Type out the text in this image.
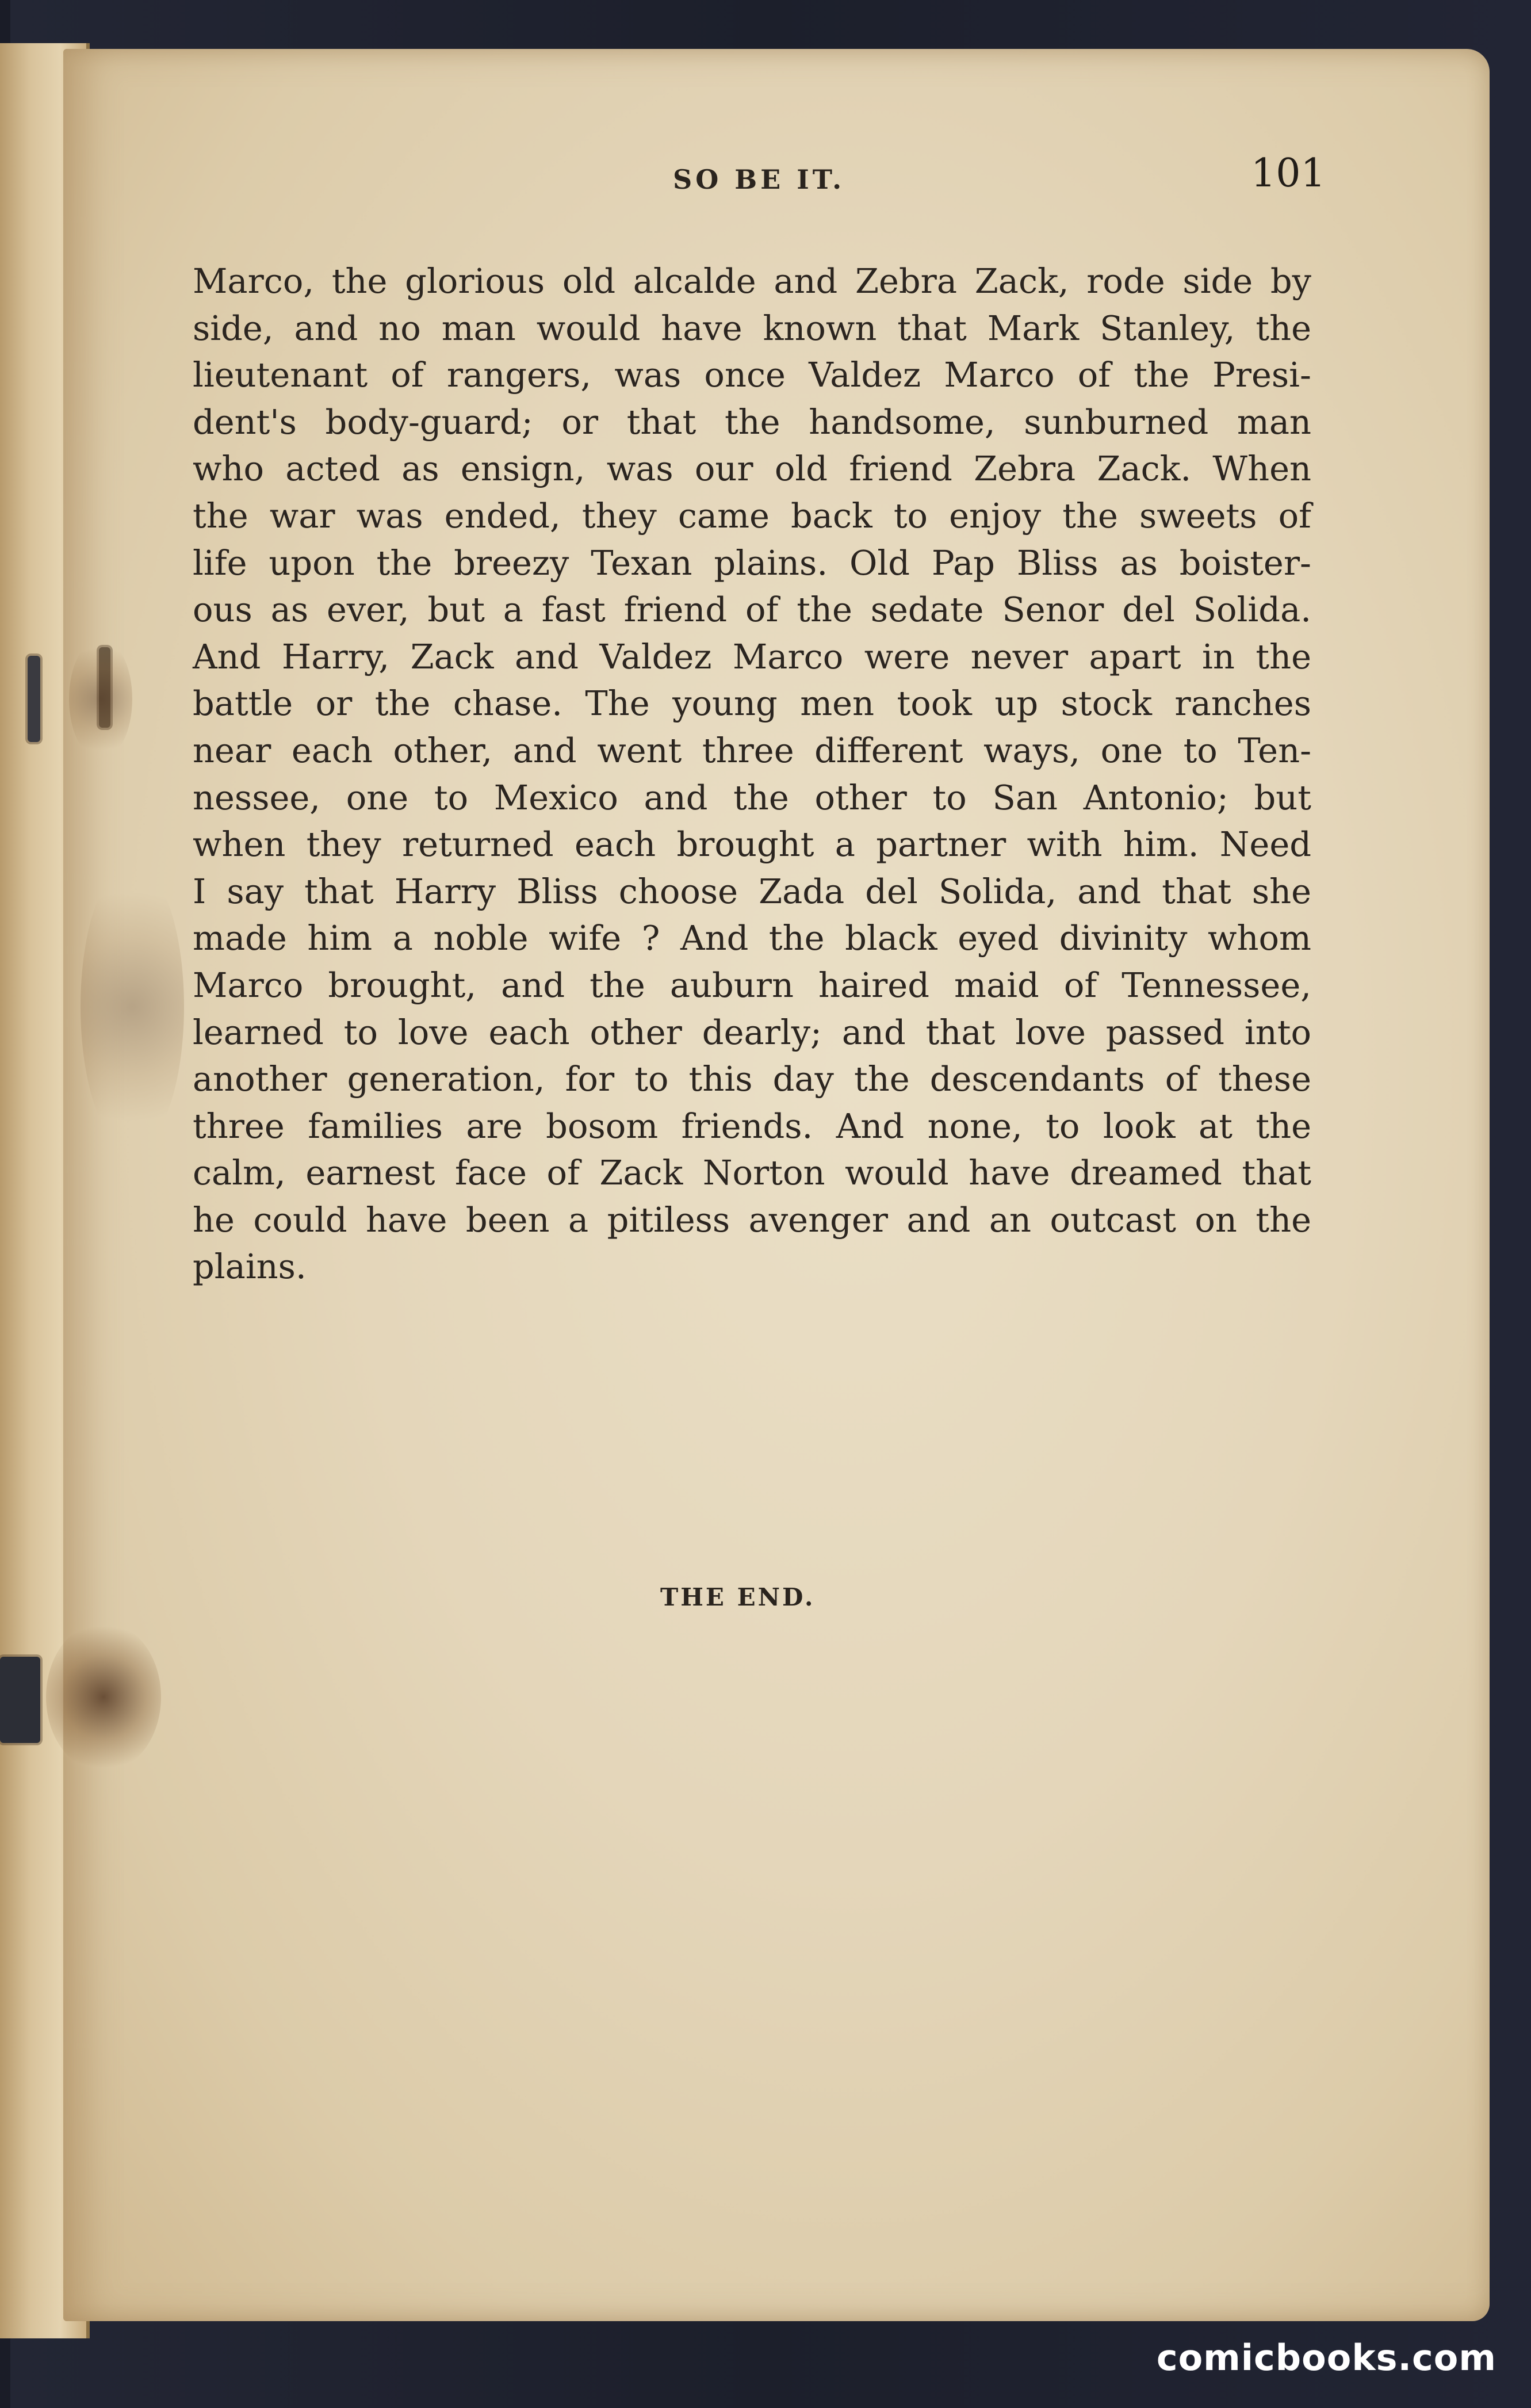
SO BE IT.	101
Marco, the glorious old alcalde and Zebra Zack, rode side by
side, and no man would have known that Mark Stanley, the
lieutenant of rangers, was once Valdez Marco of the Presi-
dent's body-guard; or that the handsome, sunburned man
who acted as ensign, was our old friend Zebra Zack. When
the war was ended, they came back to enjoy the sweets of
life upon the breezy Texan plains. Old Pap Bliss as boister-
ous as ever, but a fast friend of the sedate Senor del Solida.
And Harry, Zack and Valdez Marco were never apart in the
battle or the chase. The young men took up stock ranches
near each other, and went three different ways, one to Ten-
nessee, one to Mexico and the other to San Antonio; but
when they returned each brought a partner with him. Need
I say that Harry Bliss choose Zada del Solida, and that she
made him a noble wife ? And the black eyed divinity whom
Marco brought, and the auburn haired maid of Tennessee,
learned to love each other dearly; and that love passed into
another generation, for to this day the descendants of these
three families are bosom friends. And none, to look at the
calm, earnest face of Zack Norton would have dreamed that
he could have been a pitiless avenger and an outcast on the
plains.
THE END.
comicbooks.com
